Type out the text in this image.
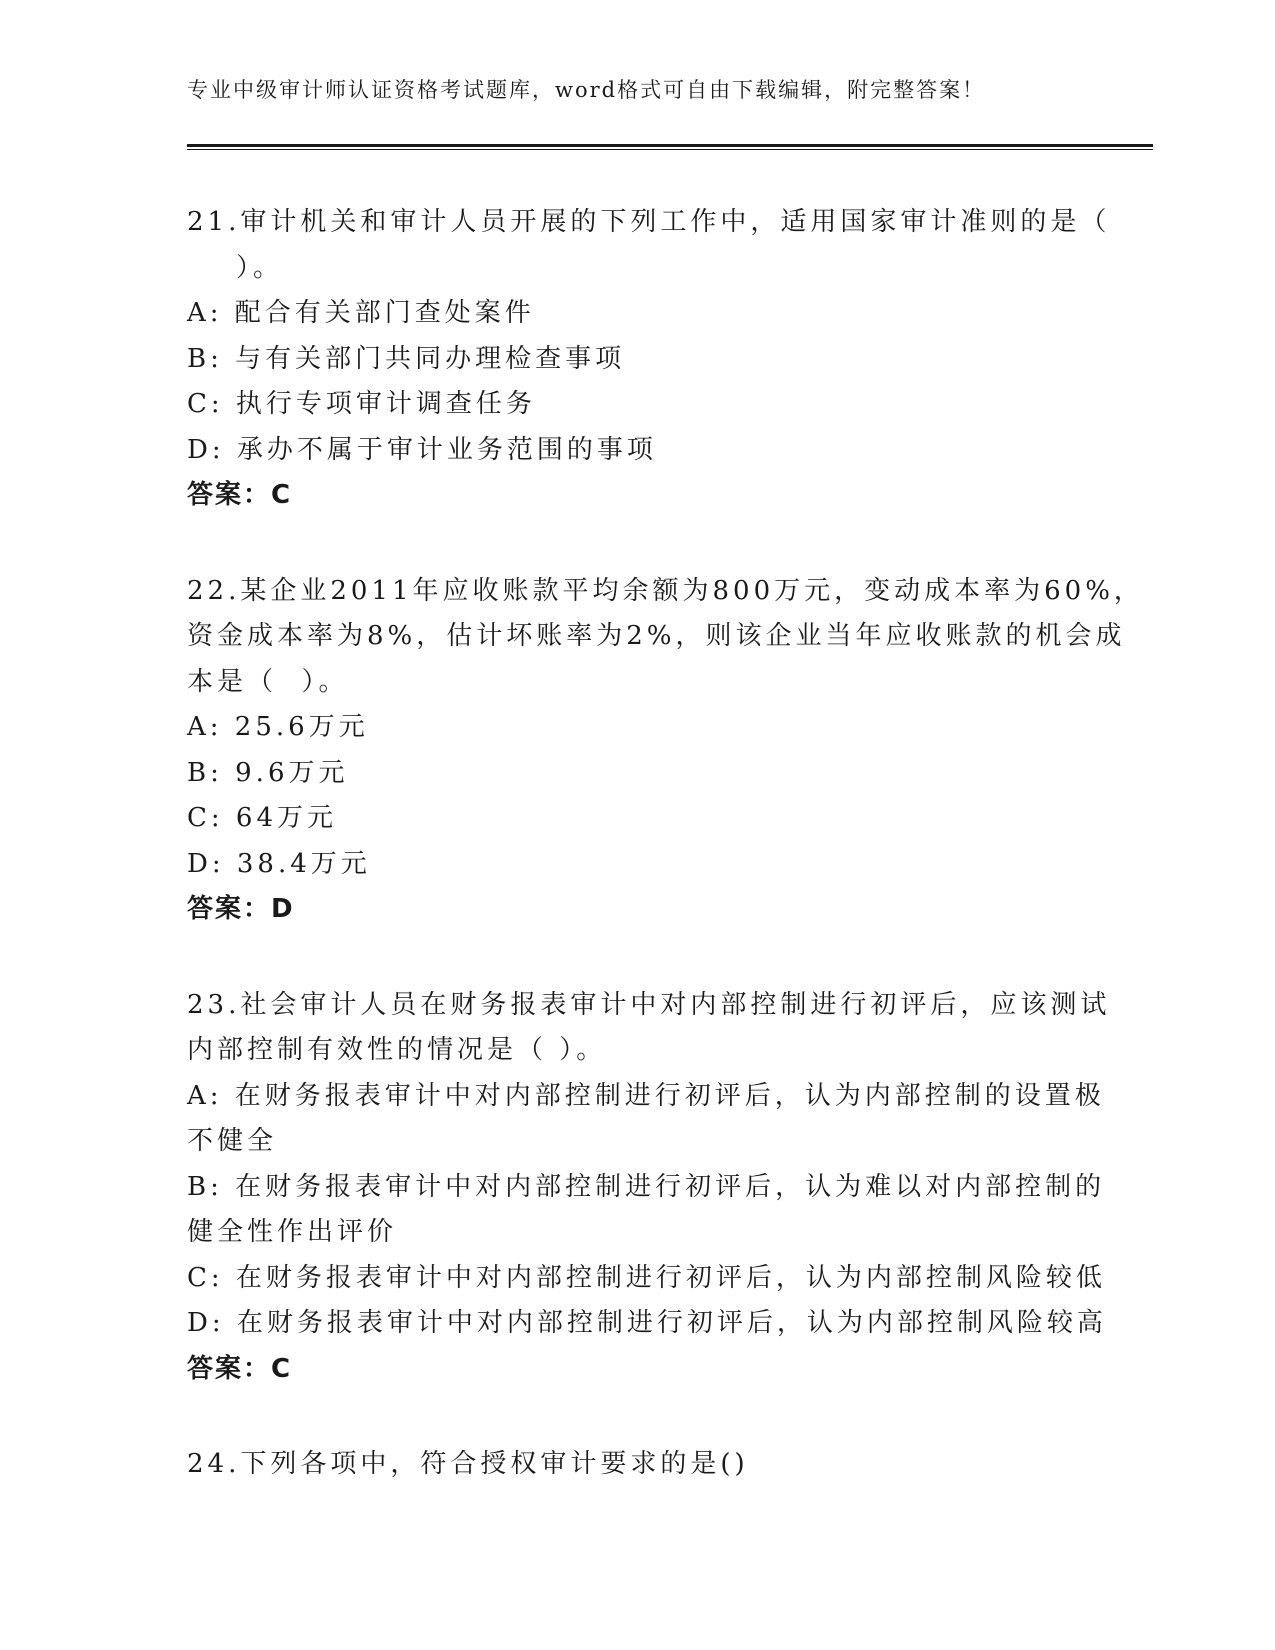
专业中级审计师认证资格考试题库，word格式可自由下载编辑，附完整答案！
21.审计机关和审计人员开展的下列工作中，适用国家审计准则的是（
）。
A: 配合有关部门查处案件
B: 与有关部门共同办理检查事项
C: 执行专项审计调查任务
D: 承办不属于审计业务范围的事项
答案：C
22.某企业2011年应收账款平均余额为800万元，变动成本率为60%，
资金成本率为8%，估计坏账率为2%，则该企业当年应收账款的机会成
本是（  ）。
A: 25.6万元
B: 9.6万元
C: 64万元
D: 38.4万元
答案：D
23.社会审计人员在财务报表审计中对内部控制进行初评后，应该测试
内部控制有效性的情况是（ ）。
A: 在财务报表审计中对内部控制进行初评后，认为内部控制的设置极
不健全
B: 在财务报表审计中对内部控制进行初评后，认为难以对内部控制的
健全性作出评价
C: 在财务报表审计中对内部控制进行初评后，认为内部控制风险较低
D: 在财务报表审计中对内部控制进行初评后，认为内部控制风险较高
答案：C
24.下列各项中，符合授权审计要求的是()
